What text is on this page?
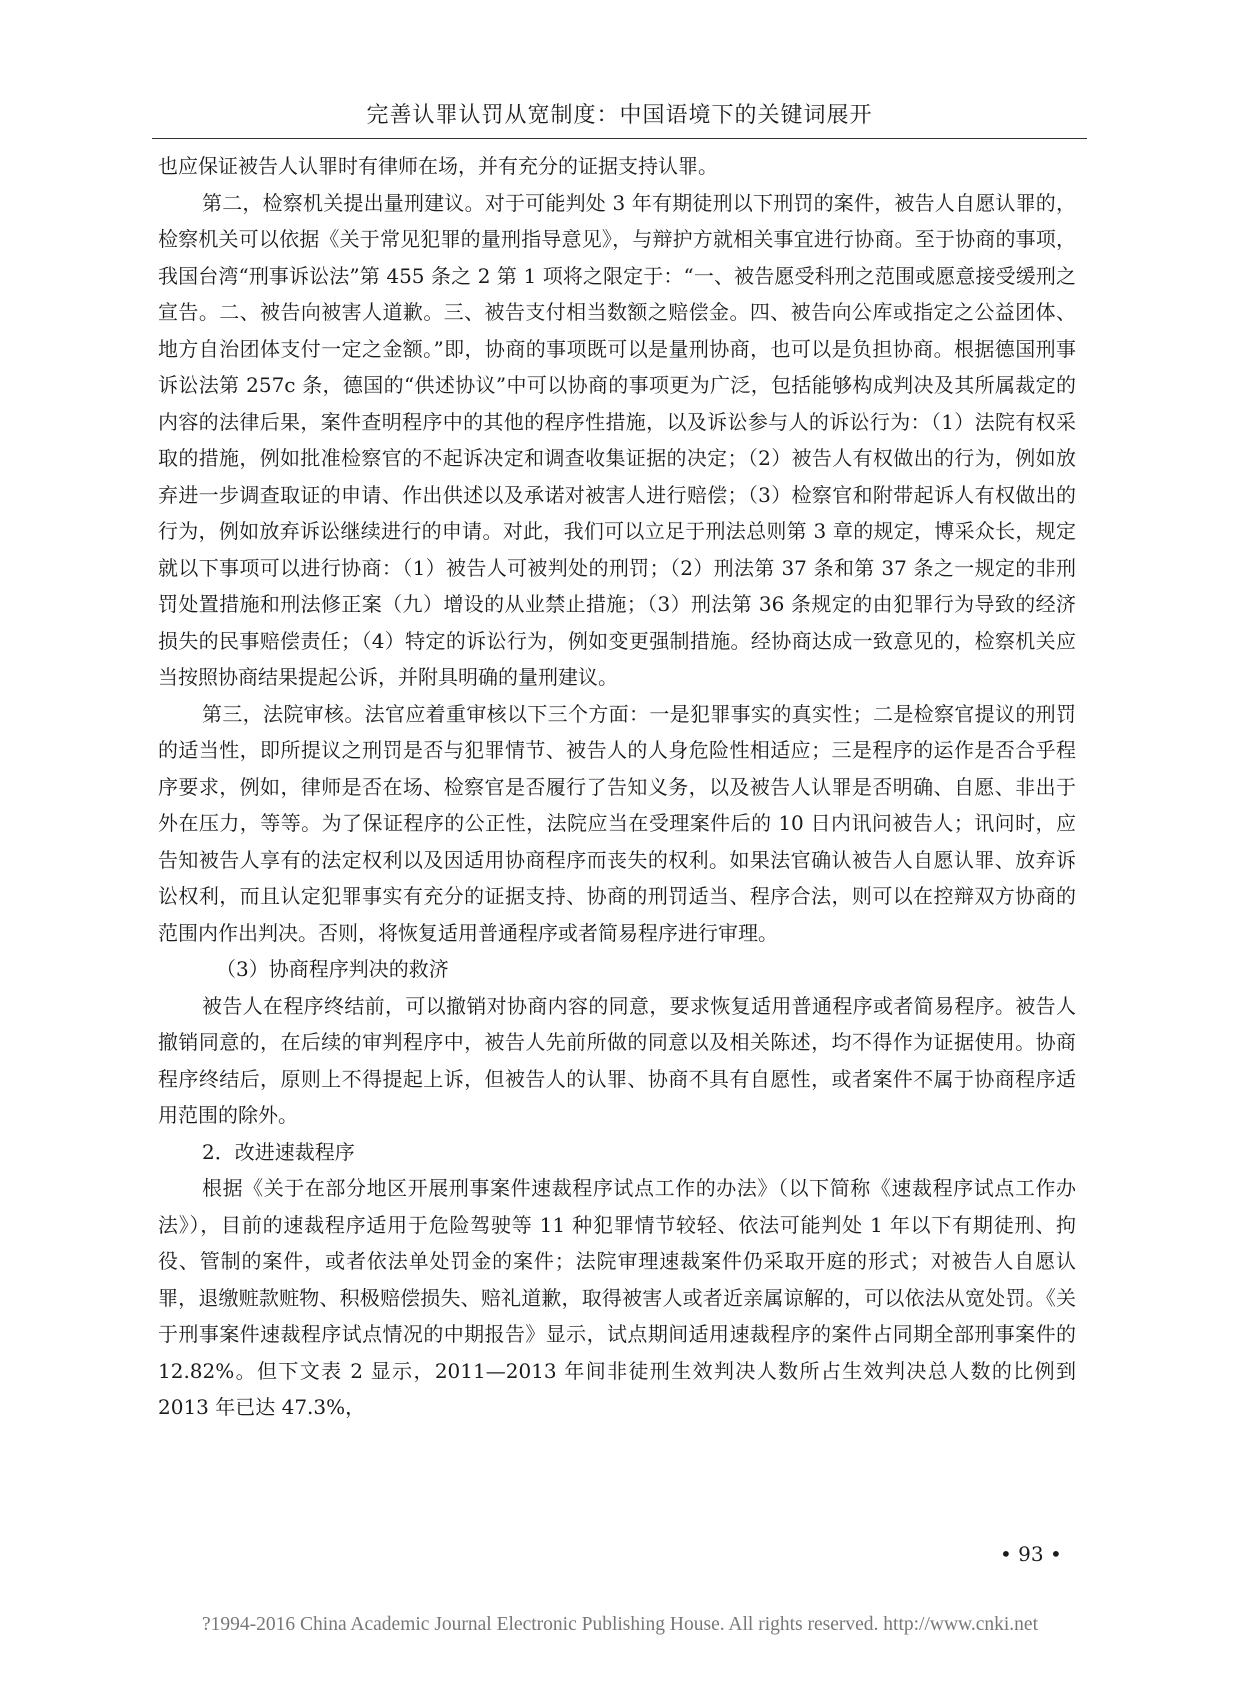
完善认罪认罚从宽制度：中国语境下的关键词展开

也应保证被告人认罪时有律师在场，并有充分的证据支持认罪。

第二，检察机关提出量刑建议。对于可能判处 3 年有期徒刑以下刑罚的案件，被告人自愿认罪的，检察机关可以依据《关于常见犯罪的量刑指导意见》，与辩护方就相关事宜进行协商。至于协商的事项，我国台湾“刑事诉讼法”第 455 条之 2 第 1 项将之限定于：“一、被告愿受科刑之范围或愿意接受缓刑之宣告。二、被告向被害人道歉。三、被告支付相当数额之赔偿金。四、被告向公库或指定之公益团体、地方自治团体支付一定之金额。”即，协商的事项既可以是量刑协商，也可以是负担协商。根据德国刑事诉讼法第 257c 条，德国的“供述协议”中可以协商的事项更为广泛，包括能够构成判决及其所属裁定的内容的法律后果，案件查明程序中的其他的程序性措施，以及诉讼参与人的诉讼行为：（1）法院有权采取的措施，例如批准检察官的不起诉决定和调查收集证据的决定；（2）被告人有权做出的行为，例如放弃进一步调查取证的申请、作出供述以及承诺对被害人进行赔偿；（3）检察官和附带起诉人有权做出的行为，例如放弃诉讼继续进行的申请。对此，我们可以立足于刑法总则第 3 章的规定，博采众长，规定就以下事项可以进行协商：（1）被告人可被判处的刑罚；（2）刑法第 37 条和第 37 条之一规定的非刑罚处置措施和刑法修正案（九）增设的从业禁止措施；（3）刑法第 36 条规定的由犯罪行为导致的经济损失的民事赔偿责任；（4）特定的诉讼行为，例如变更强制措施。经协商达成一致意见的，检察机关应当按照协商结果提起公诉，并附具明确的量刑建议。

第三，法院审核。法官应着重审核以下三个方面：一是犯罪事实的真实性；二是检察官提议的刑罚的适当性，即所提议之刑罚是否与犯罪情节、被告人的人身危险性相适应；三是程序的运作是否合乎程序要求，例如，律师是否在场、检察官是否履行了告知义务，以及被告人认罪是否明确、自愿、非出于外在压力，等等。为了保证程序的公正性，法院应当在受理案件后的 10 日内讯问被告人；讯问时，应告知被告人享有的法定权利以及因适用协商程序而丧失的权利。如果法官确认被告人自愿认罪、放弃诉讼权利，而且认定犯罪事实有充分的证据支持、协商的刑罚适当、程序合法，则可以在控辩双方协商的范围内作出判决。否则，将恢复适用普通程序或者简易程序进行审理。

（3）协商程序判决的救济

被告人在程序终结前，可以撤销对协商内容的同意，要求恢复适用普通程序或者简易程序。被告人撤销同意的，在后续的审判程序中，被告人先前所做的同意以及相关陈述，均不得作为证据使用。协商程序终结后，原则上不得提起上诉，但被告人的认罪、协商不具有自愿性，或者案件不属于协商程序适用范围的除外。

2．改进速裁程序

根据《关于在部分地区开展刑事案件速裁程序试点工作的办法》（以下简称《速裁程序试点工作办法》），目前的速裁程序适用于危险驾驶等 11 种犯罪情节较轻、依法可能判处 1 年以下有期徒刑、拘役、管制的案件，或者依法单处罚金的案件；法院审理速裁案件仍采取开庭的形式；对被告人自愿认罪，退缴赃款赃物、积极赔偿损失、赔礼道歉，取得被害人或者近亲属谅解的，可以依法从宽处罚。《关于刑事案件速裁程序试点情况的中期报告》显示，试点期间适用速裁程序的案件占同期全部刑事案件的 12.82%。但下文表 2 显示，2011—2013 年间非徒刑生效判决人数所占生效判决总人数的比例到 2013 年已达 47.3%，

• 93 •
?1994-2016 China Academic Journal Electronic Publishing House. All rights reserved. http://www.cnki.net
